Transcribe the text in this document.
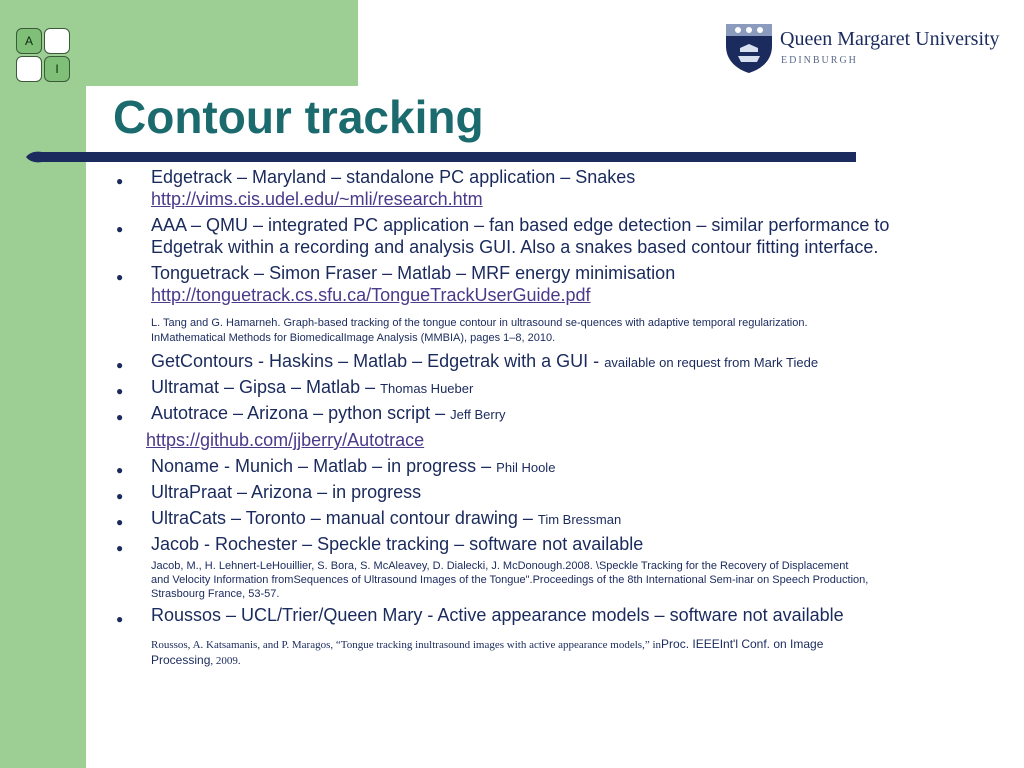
A
I
Queen Margaret University
EDINBURGH
Contour tracking
● Edgetrack – Maryland – standalone PC application – Snakes
http://vims.cis.udel.edu/~mli/research.htm
● AAA – QMU – integrated PC application – fan based edge detection – similar performance to
Edgetrak within a recording and analysis GUI. Also a snakes based contour fitting interface.
● Tonguetrack – Simon Fraser – Matlab – MRF energy minimisation
http://tonguetrack.cs.sfu.ca/TongueTrackUserGuide.pdf
L. Tang and G. Hamarneh. Graph-based tracking of the tongue contour in ultrasound se-quences with adaptive temporal regularization.
InMathematical Methods for BiomedicalImage Analysis (MMBIA), pages 1–8, 2010.
● GetContours - Haskins – Matlab – Edgetrak with a GUI - available on request from Mark Tiede
● Ultramat – Gipsa – Matlab – Thomas Hueber
● Autotrace – Arizona – python script – Jeff Berry
https://github.com/jjberry/Autotrace
● Noname - Munich – Matlab – in progress – Phil Hoole
● UltraPraat – Arizona – in progress
● UltraCats – Toronto – manual contour drawing – Tim Bressman
● Jacob - Rochester – Speckle tracking – software not available
Jacob, M., H. Lehnert-LeHouillier, S. Bora, S. McAleavey, D. Dialecki, J. McDonough.2008. \Speckle Tracking for the Recovery of Displacement
and Velocity Information fromSequences of Ultrasound Images of the Tongue".Proceedings of the 8th International Sem-inar on Speech Production,
Strasbourg France, 53-57.
● Roussos – UCL/Trier/Queen Mary - Active appearance models – software not available
Roussos, A. Katsamanis, and P. Maragos, “Tongue tracking inultrasound images with active appearance models,” inProc. IEEEInt'l Conf. on Image
Processing, 2009.
